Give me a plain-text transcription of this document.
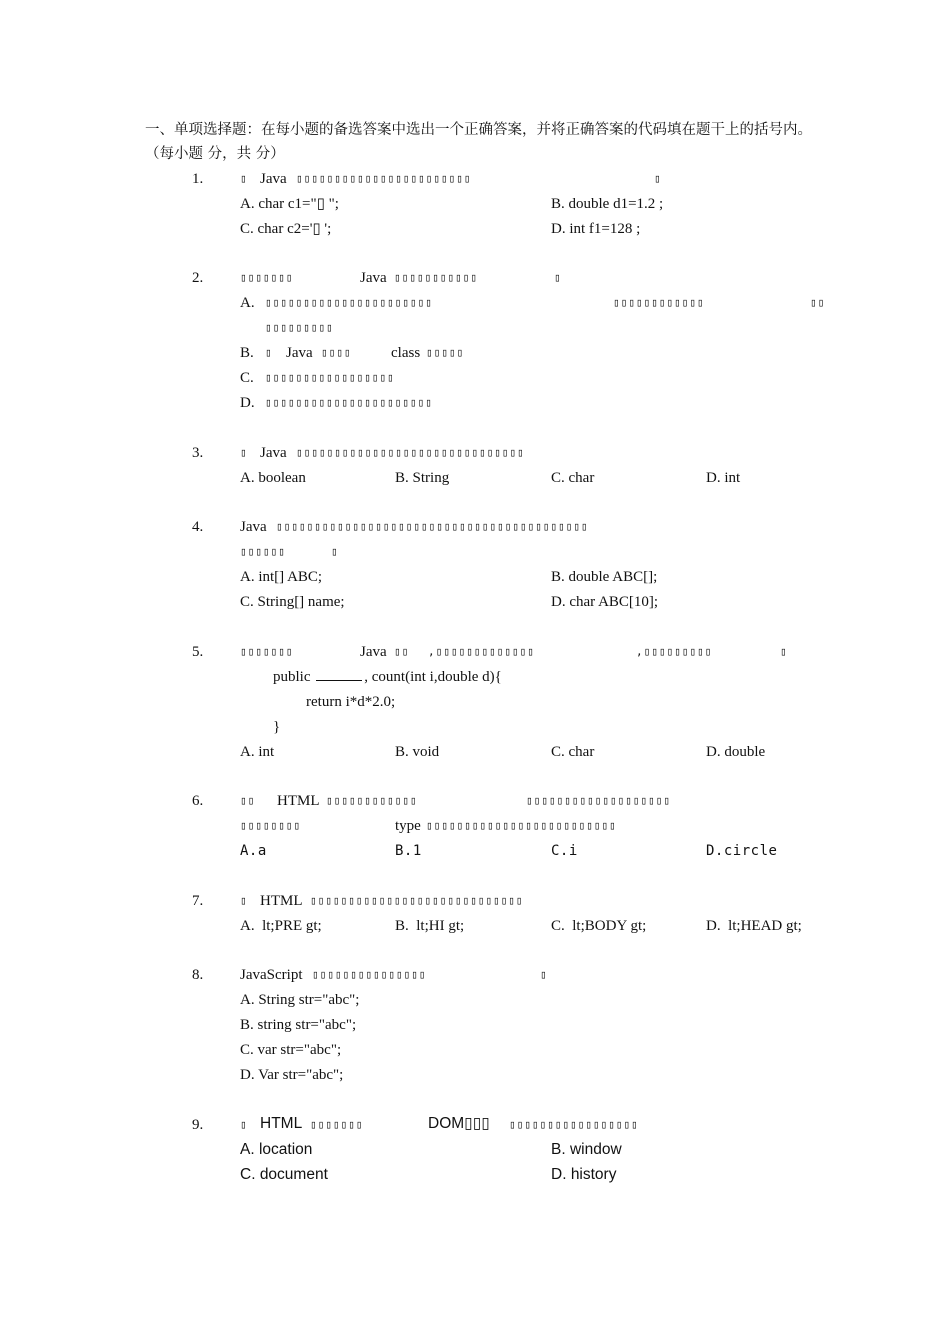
一、单项选择题：在每小题的备选答案中选出一个正确答案，并将正确答案的代码填在题干上的括号内。（每小题 分，共 分）
1.	▯ Java ▯▯▯▯▯▯▯▯▯▯▯▯▯▯▯▯▯▯▯▯▯▯▯	▯
A. char c1="▯ ";	B. double d1=1.2 ;
C. char c2='▯ ';	D. int f1=128 ;
2.	▯▯▯▯▯▯▯	Java ▯▯▯▯▯▯▯▯▯▯▯	▯
A. ▯▯▯▯▯▯▯▯▯▯▯▯▯▯▯▯▯▯▯▯▯▯	▯▯▯▯▯▯▯▯▯▯▯▯	▯▯
▯▯▯▯▯▯▯▯▯
B. ▯ Java ▯▯▯▯	class ▯▯▯▯▯
C. ▯▯▯▯▯▯▯▯▯▯▯▯▯▯▯▯▯
D. ▯▯▯▯▯▯▯▯▯▯▯▯▯▯▯▯▯▯▯▯▯▯
3.	▯ Java ▯▯▯▯▯▯▯▯▯▯▯▯▯▯▯▯▯▯▯▯▯▯▯▯▯▯▯▯▯▯
A. boolean	B. String	C. char	D. int
4. Java ▯▯▯▯▯▯▯▯▯▯▯▯▯▯▯▯▯▯▯▯▯▯▯▯▯▯▯▯▯▯▯▯▯▯▯▯▯▯▯▯▯
▯▯▯▯▯▯	▯
A. int[] ABC;	B. double ABC[];
C. String[] name;	D. char ABC[10];
5.	▯▯▯▯▯▯▯	Java ▯▯ ,▯▯▯▯▯▯▯▯▯▯▯▯▯	,▯▯▯▯▯▯▯▯▯	▯
public	, count(int i,double d){
return i*d*2.0;
}
A. int	B. void	C. char	D. double
6.	▯▯ HTML ▯▯▯▯▯▯▯▯▯▯▯▯	▯▯▯▯▯▯▯▯▯▯▯▯▯▯▯▯▯▯▯
▯▯▯▯▯▯▯▯	type ▯▯▯▯▯▯▯▯▯▯▯▯▯▯▯▯▯▯▯▯▯▯▯▯▯
A.a	B.1	C.i	D.circle
7.	▯ HTML ▯▯▯▯▯▯▯▯▯▯▯▯▯▯▯▯▯▯▯▯▯▯▯▯▯▯▯▯
A. lt;PRE gt;	B. lt;HI gt;	C. lt;BODY gt;	D. lt;HEAD gt;
8. JavaScript ▯▯▯▯▯▯▯▯▯▯▯▯▯▯▯	▯
A. String str="abc";
B. string str="abc";
C. var str="abc";
D. Var str="abc";
9.	▯ HTML ▯▯▯▯▯▯▯	DOM▯▯▯ ▯▯▯▯▯▯▯▯▯▯▯▯▯▯▯▯▯
A. location	B. window
C. document	D. history
